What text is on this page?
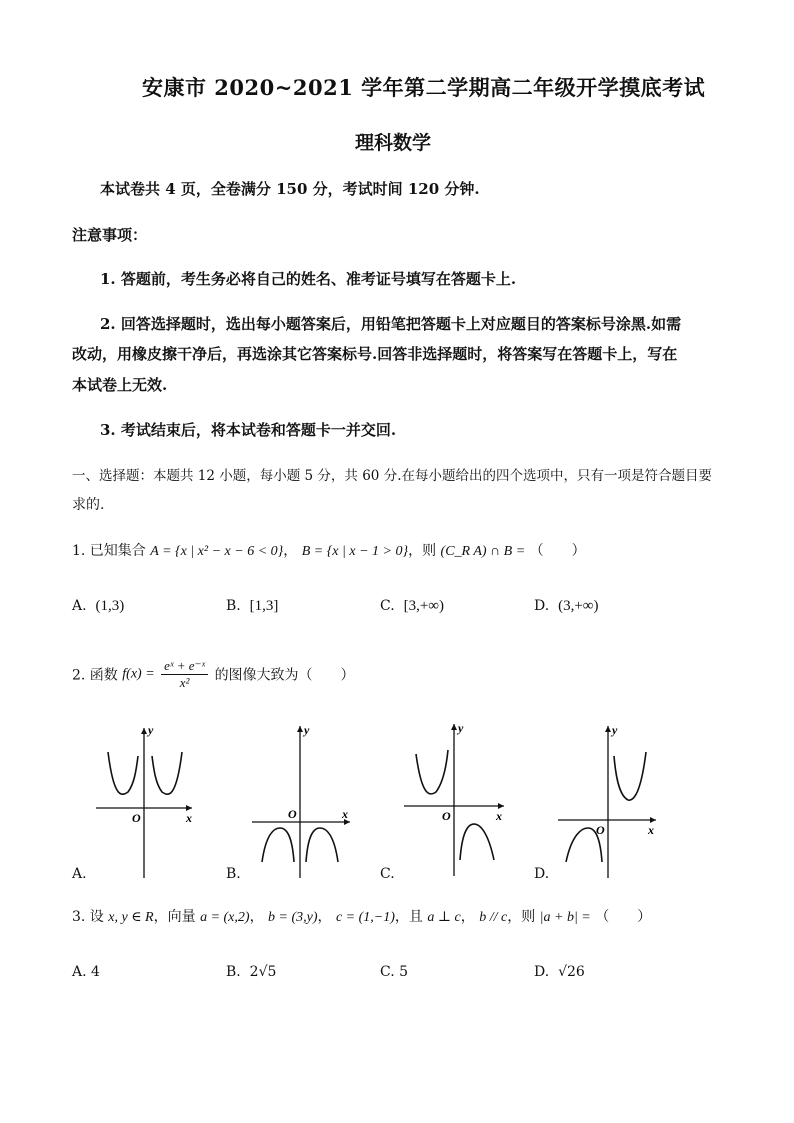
安康市 2020~2021 学年第二学期高二年级开学摸底考试
理科数学
本试卷共 4 页，全卷满分 150 分，考试时间 120 分钟.
注意事项：
1. 答题前，考生务必将自己的姓名、准考证号填写在答题卡上.
2. 回答选择题时，选出每小题答案后，用铅笔把答题卡上对应题目的答案标号涂黑.如需
改动，用橡皮擦干净后，再选涂其它答案标号.回答非选择题时，将答案写在答题卡上，写在
本试卷上无效.
3. 考试结束后，将本试卷和答题卡一并交回.
一、选择题：本题共 12 小题，每小题 5 分，共 60 分.在每小题给出的四个选项中，只有一项是符合题目要
求的.
1. 已知集合 A = {x | x² − x − 6 < 0}， B = {x | x − 1 > 0}，则 (C_R A) ∩ B = （　　）
A. (1,3)	B. [1,3]	C. [3,+∞)	D. (3,+∞)
2. 函数 $f(x) = \frac{\text{eˣ + e⁻ˣ}}{\text{x²}}$ 的图像大致为（　　）
y
x
O
A.
y
x
O
B.
y
x
O
C.
y
x
O
D.
3. 设 x, y ∈ R，向量 a = (x,2)， b = (3,y)， c = (1,−1)，且 a ⊥ c， b // c，则 |a + b| = （　　）
A. 4	B. 2√5	C. 5	D. √26
